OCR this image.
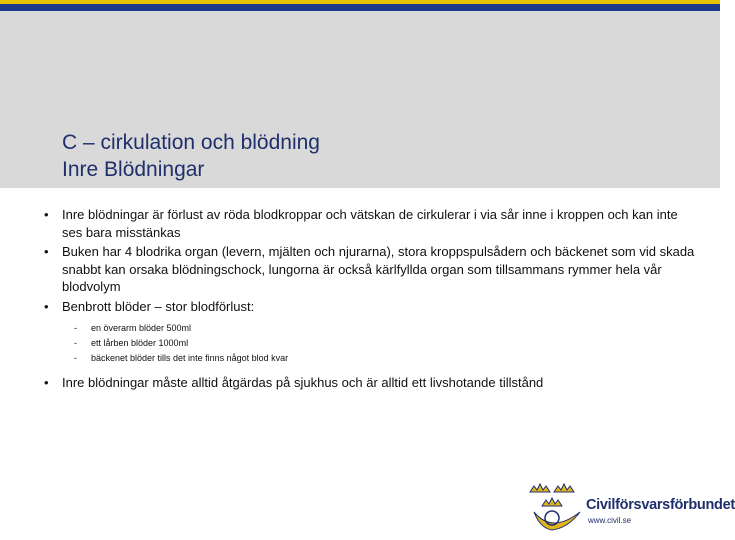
C – cirkulation och blödning
Inre Blödningar
• Inre blödningar är förlust av röda blodkroppar och vätskan de cirkulerar i via sår inne i kroppen och kan inte ses bara misstänkas
• Buken har 4 blodrika organ (levern, mjälten och njurarna), stora kroppspulsådern och bäckenet som vid skada snabbt kan orsaka blödningschock, lungorna är också kärlfyllda organ som tillsammans rymmer hela vår blodvolym
• Benbrott blöder – stor blodförlust:
- en överarm blöder 500ml
- ett lårben blöder 1000ml
- bäckenet blöder tills det inte finns något blod kvar
• Inre blödningar måste alltid åtgärdas på sjukhus och är alltid ett livshotande tillstånd
Civilförsvarsförbundet
www.civil.se
